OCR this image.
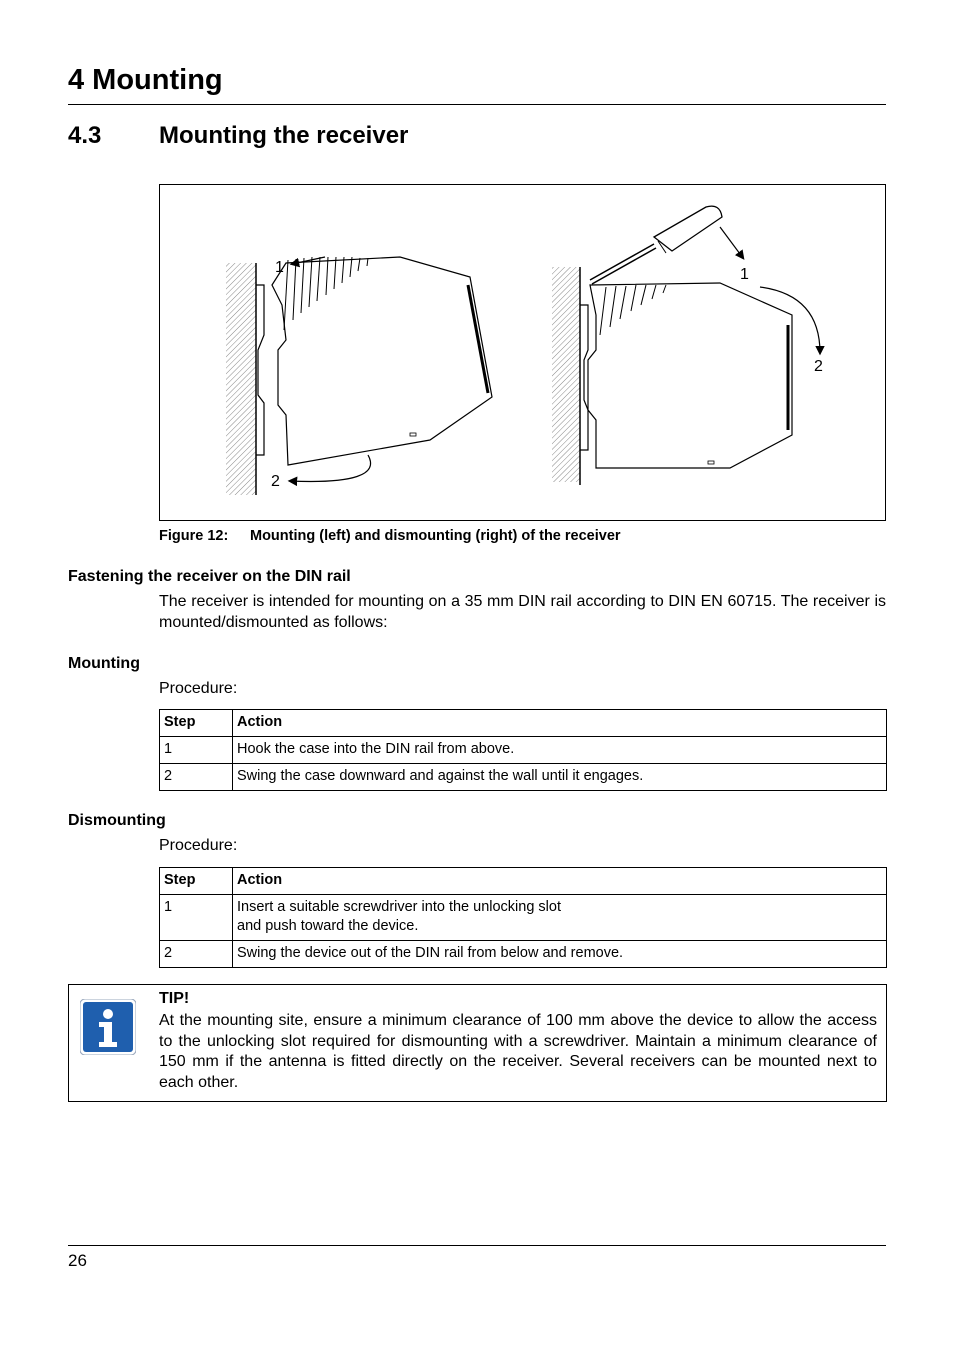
4 Mounting
4.3 Mounting the receiver
1
2
1
2
Figure 12: Mounting (left) and dismounting (right) of the receiver
Fastening the receiver on the DIN rail
The receiver is intended for mounting on a 35 mm DIN rail according to DIN EN 60715. The receiver is mounted/dismounted as follows:
Mounting
Procedure:
Step	Action
1	Hook the case into the DIN rail from above.
2	Swing the case downward and against the wall until it engages.
Dismounting
Procedure:
Step	Action
1	Insert a suitable screwdriver into the unlocking slot
and push toward the device.

2	Swing the device out of the DIN rail from below and remove.
TIP!
At the mounting site, ensure a minimum clearance of 100 mm above the device to allow the access to the unlocking slot required for dismounting with a screwdriver. Maintain a minimum clearance of 150 mm if the antenna is fitted directly on the receiver. Several receivers can be mounted next to each other.
26
